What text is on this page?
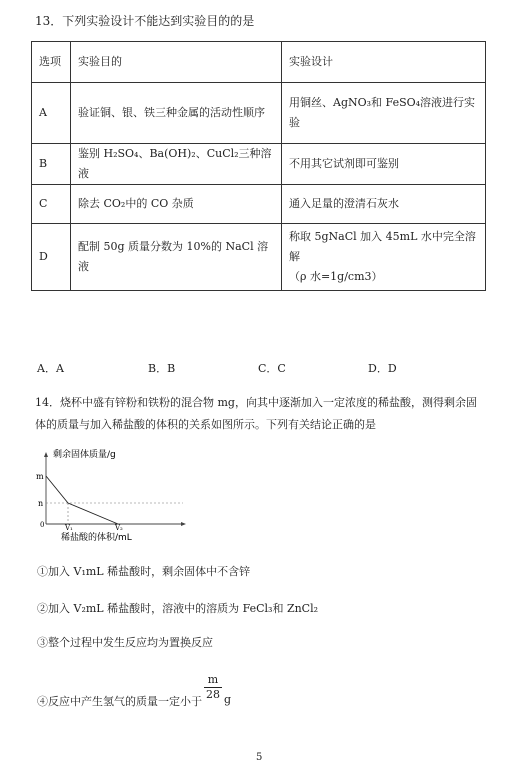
13．下列实验设计不能达到实验目的的是
选项	实验目的	实验设计
A	验证铜、银、铁三种金属的活动性顺序	用铜丝、AgNO₃和 FeSO₄溶液进行实验
B	鉴别 H₂SO₄、Ba(OH)₂、CuCl₂三种溶液	不用其它试剂即可鉴别
C	除去 CO₂中的 CO 杂质	通入足量的澄清石灰水
D	配制 50g 质量分数为 10%的 NaCl 溶液	称取 5gNaCl 加入 45mL 水中完全溶解
（ρ 水=1g/cm3）
A．A	B．B	C．C	D．D
14．烧杯中盛有锌粉和铁粉的混合物 mg，向其中逐渐加入一定浓度的稀盐酸，测得剩余固
体的质量与加入稀盐酸的体积的关系如图所示。下列有关结论正确的是
剩余固体质量/g
稀盐酸的体积/mL
m
n
0	V₁	V₂
①加入 V₁mL 稀盐酸时，剩余固体中不含锌
②加入 V₂mL 稀盐酸时，溶液中的溶质为 FeCl₃和 ZnCl₂
③整个过程中发生反应均为置换反应
④反应中产生氢气的质量一定小于 $\frac{m}{28}$ g
5
